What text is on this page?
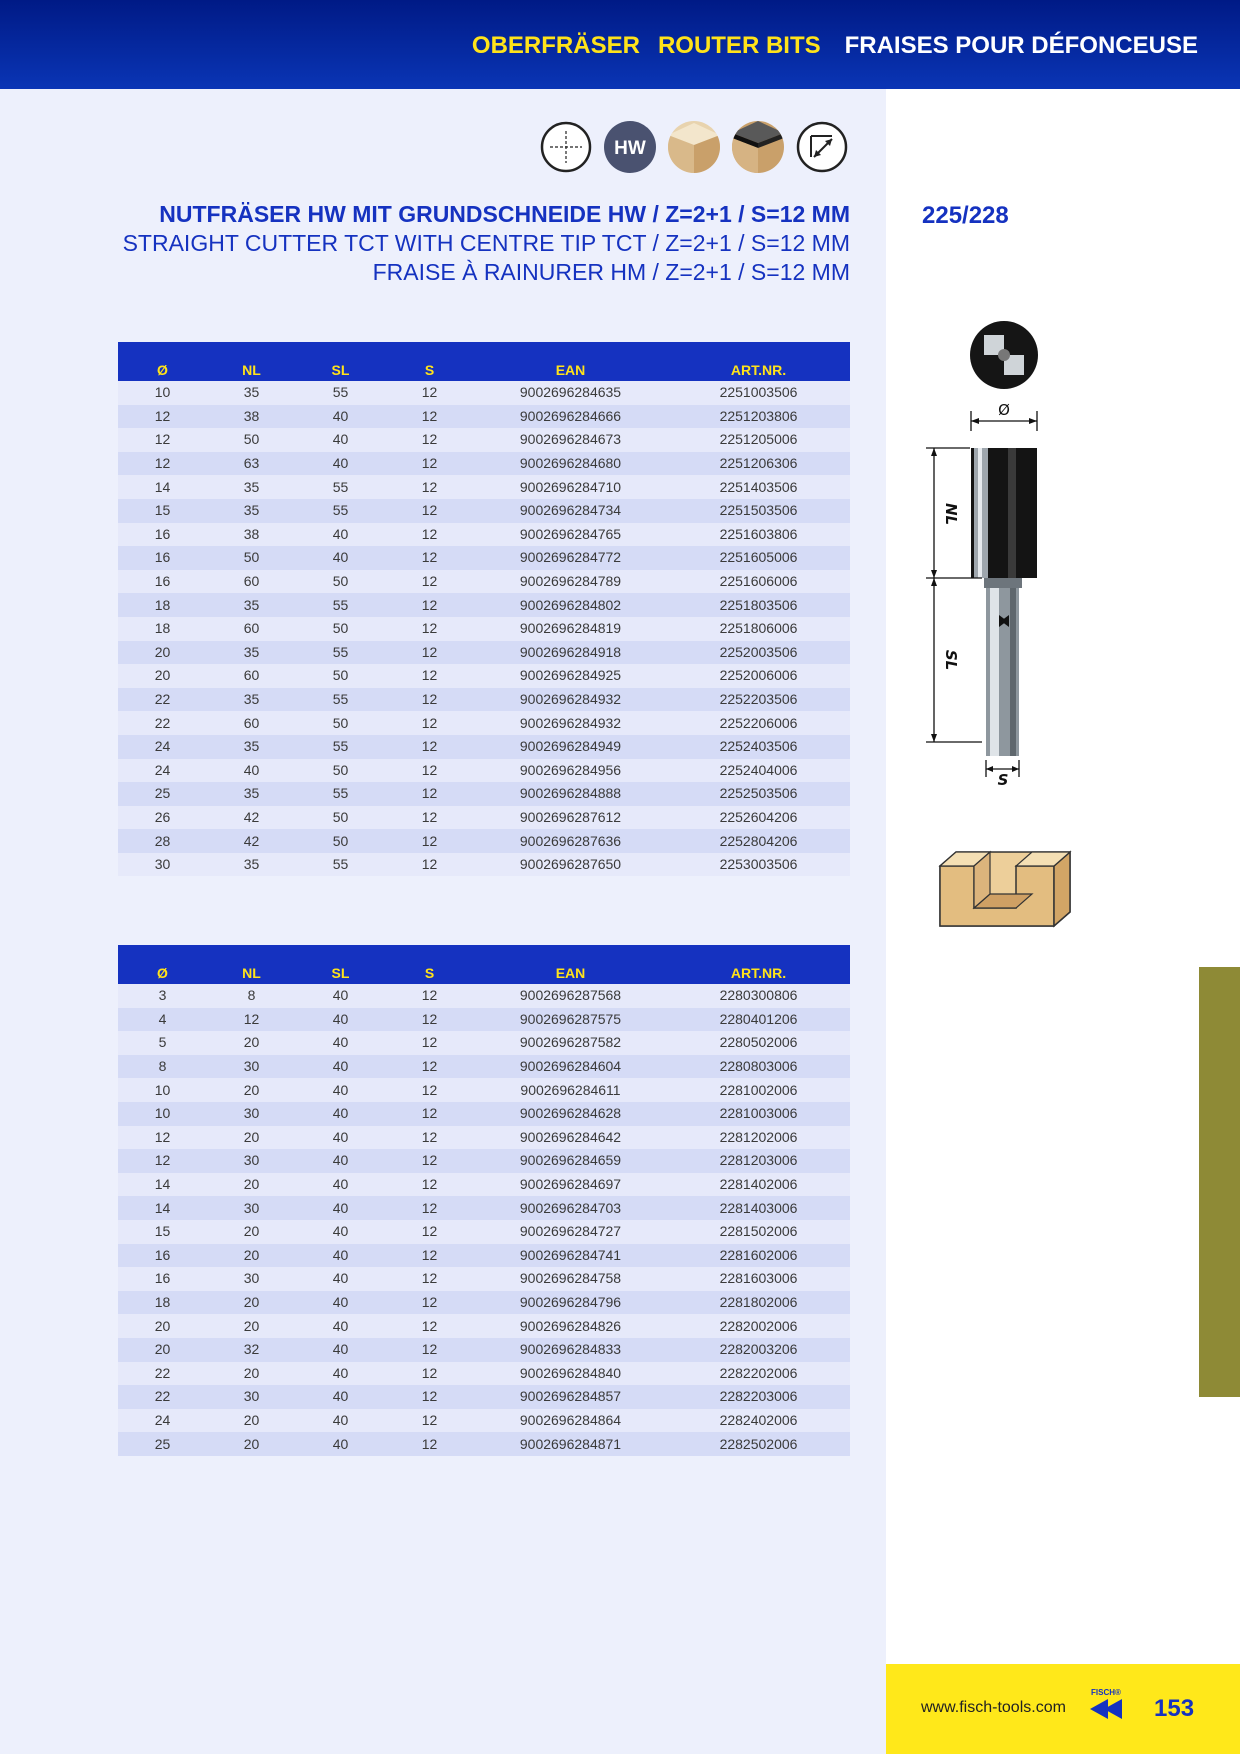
OBERFRÄSER ROUTER BITS FRAISES POUR DÉFONCEUSE
HW
NUTFRÄSER HW MIT GRUNDSCHNEIDE HW / Z=2+1 / S=12 MM
STRAIGHT CUTTER TCT WITH CENTRE TIP TCT / Z=2+1 / S=12 MM
FRAISE À RAINURER HM / Z=2+1 / S=12 MM
225/228
Ø	NL	SL	S	EAN	ART.NR.
10	35	55	12	9002696284635	2251003506
12	38	40	12	9002696284666	2251203806
12	50	40	12	9002696284673	2251205006
12	63	40	12	9002696284680	2251206306
14	35	55	12	9002696284710	2251403506
15	35	55	12	9002696284734	2251503506
16	38	40	12	9002696284765	2251603806
16	50	40	12	9002696284772	2251605006
16	60	50	12	9002696284789	2251606006
18	35	55	12	9002696284802	2251803506
18	60	50	12	9002696284819	2251806006
20	35	55	12	9002696284918	2252003506
20	60	50	12	9002696284925	2252006006
22	35	55	12	9002696284932	2252203506
22	60	50	12	9002696284932	2252206006
24	35	55	12	9002696284949	2252403506
24	40	50	12	9002696284956	2252404006
25	35	55	12	9002696284888	2252503506
26	42	50	12	9002696287612	2252604206
28	42	50	12	9002696287636	2252804206
30	35	55	12	9002696287650	2253003506
Ø	NL	SL	S	EAN	ART.NR.
3	8	40	12	9002696287568	2280300806
4	12	40	12	9002696287575	2280401206
5	20	40	12	9002696287582	2280502006
8	30	40	12	9002696284604	2280803006
10	20	40	12	9002696284611	2281002006
10	30	40	12	9002696284628	2281003006
12	20	40	12	9002696284642	2281202006
12	30	40	12	9002696284659	2281203006
14	20	40	12	9002696284697	2281402006
14	30	40	12	9002696284703	2281403006
15	20	40	12	9002696284727	2281502006
16	20	40	12	9002696284741	2281602006
16	30	40	12	9002696284758	2281603006
18	20	40	12	9002696284796	2281802006
20	20	40	12	9002696284826	2282002006
20	32	40	12	9002696284833	2282003206
22	20	40	12	9002696284840	2282202006
22	30	40	12	9002696284857	2282203006
24	20	40	12	9002696284864	2282402006
25	20	40	12	9002696284871	2282502006
Ø
NL
SL
S
www.fisch-tools.com
FISCH®
153
